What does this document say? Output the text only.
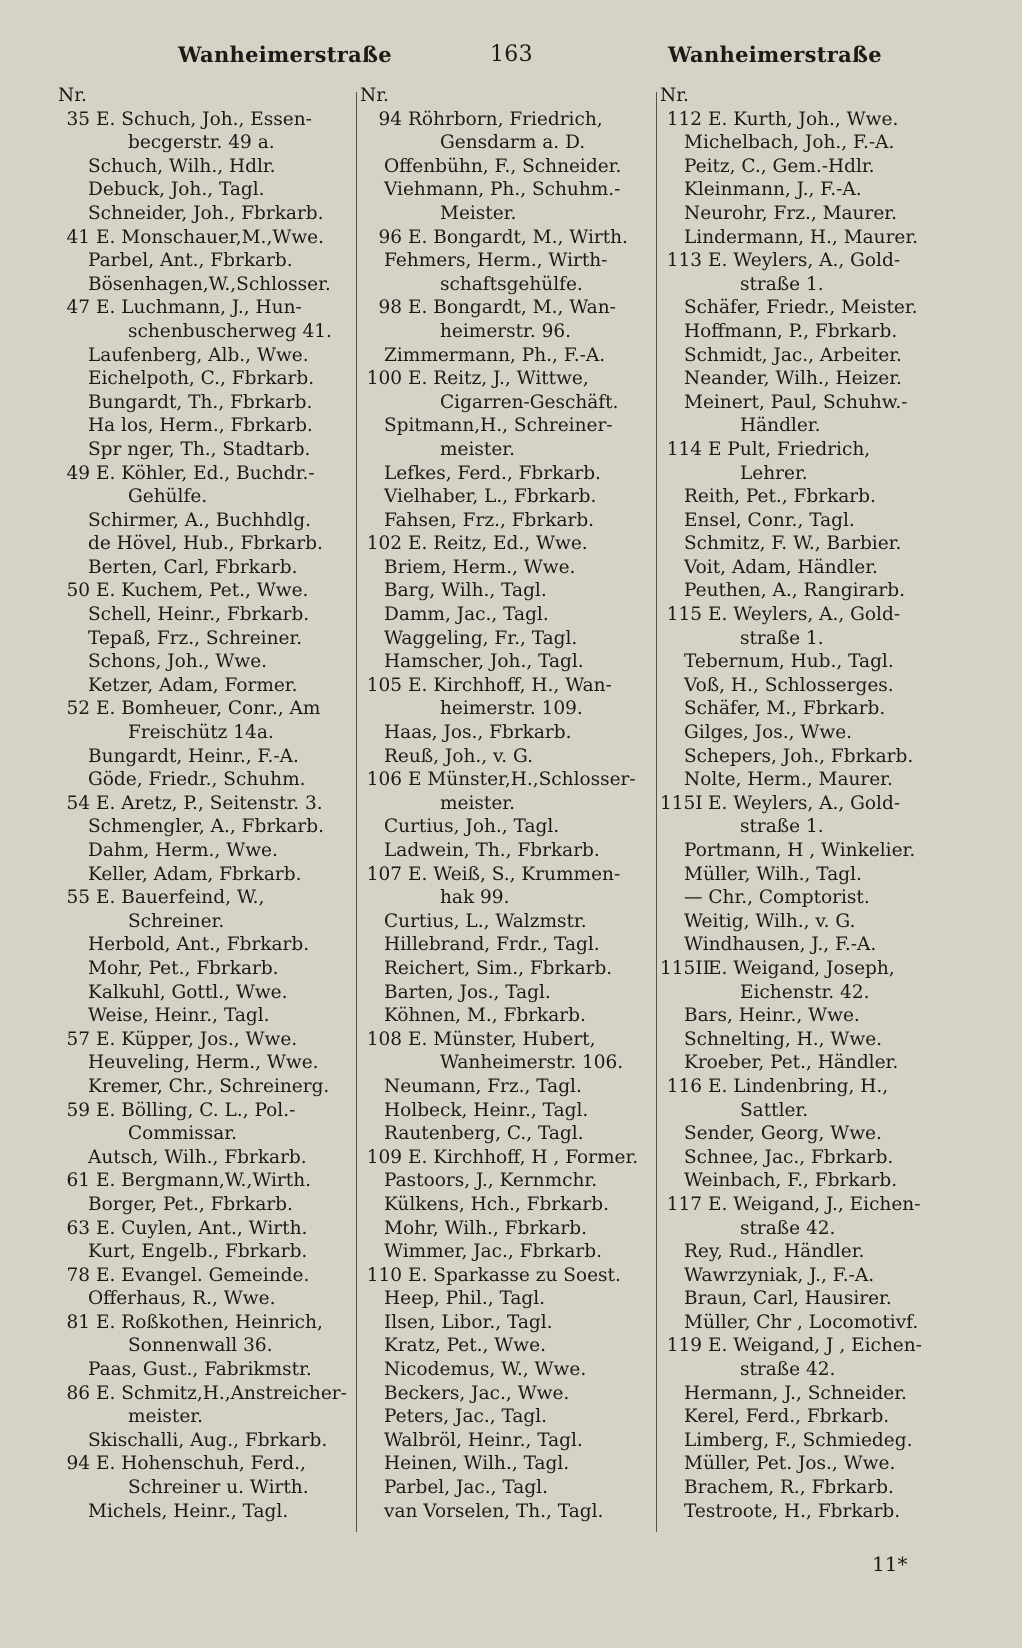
Wanheimerstraße	163	Wanheimerstraße
Nr.
35 E. Schuch, Joh., Essen-
becgerstr. 49 a.
Schuch, Wilh., Hdlr.
Debuck, Joh., Tagl.
Schneider, Joh., Fbrkarb.
41 E. Monschauer,M.,Wwe.
Parbel, Ant., Fbrkarb.
Bösenhagen,W.,Schlosser.
47 E. Luchmann, J., Hun-
schenbuscherweg 41.
Laufenberg, Alb., Wwe.
Eichelpoth, C., Fbrkarb.
Bungardt, Th., Fbrkarb.
Ha los, Herm., Fbrkarb.
Spr nger, Th., Stadtarb.
49 E. Köhler, Ed., Buchdr.-
Gehülfe.
Schirmer, A., Buchhdlg.
de Hövel, Hub., Fbrkarb.
Berten, Carl, Fbrkarb.
50 E. Kuchem, Pet., Wwe.
Schell, Heinr., Fbrkarb.
Tepaß, Frz., Schreiner.
Schons, Joh., Wwe.
Ketzer, Adam, Former.
52 E. Bomheuer, Conr., Am
Freischütz 14a.
Bungardt, Heinr., F.-A.
Göde, Friedr., Schuhm.
54 E. Aretz, P., Seitenstr. 3.
Schmengler, A., Fbrkarb.
Dahm, Herm., Wwe.
Keller, Adam, Fbrkarb.
55 E. Bauerfeind, W.,
Schreiner.
Herbold, Ant., Fbrkarb.
Mohr, Pet., Fbrkarb.
Kalkuhl, Gottl., Wwe.
Weise, Heinr., Tagl.
57 E. Küpper, Jos., Wwe.
Heuveling, Herm., Wwe.
Kremer, Chr., Schreinerg.
59 E. Bölling, C. L., Pol.-
Commissar.
Autsch, Wilh., Fbrkarb.
61 E. Bergmann,W.,Wirth.
Borger, Pet., Fbrkarb.
63 E. Cuylen, Ant., Wirth.
Kurt, Engelb., Fbrkarb.
78 E. Evangel. Gemeinde.
Offerhaus, R., Wwe.
81 E. Roßkothen, Heinrich,
Sonnenwall 36.
Paas, Gust., Fabrikmstr.
86 E. Schmitz,H.,Anstreicher-
meister.
Skischalli, Aug., Fbrkarb.
94 E. Hohenschuh, Ferd.,
Schreiner u. Wirth.
Michels, Heinr., Tagl.
Nr.
94 Röhrborn, Friedrich,
Gensdarm a. D.
Offenbühn, F., Schneider.
Viehmann, Ph., Schuhm.-
Meister.
96 E. Bongardt, M., Wirth.
Fehmers, Herm., Wirth-
schaftsgehülfe.
98 E. Bongardt, M., Wan-
heimerstr. 96.
Zimmermann, Ph., F.-A.
100 E. Reitz, J., Wittwe,
Cigarren-Geschäft.
Spitmann,H., Schreiner-
meister.
Lefkes, Ferd., Fbrkarb.
Vielhaber, L., Fbrkarb.
Fahsen, Frz., Fbrkarb.
102 E. Reitz, Ed., Wwe.
Briem, Herm., Wwe.
Barg, Wilh., Tagl.
Damm, Jac., Tagl.
Waggeling, Fr., Tagl.
Hamscher, Joh., Tagl.
105 E. Kirchhoff, H., Wan-
heimerstr. 109.
Haas, Jos., Fbrkarb.
Reuß, Joh., v. G.
106 E Münster,H.,Schlosser-
meister.
Curtius, Joh., Tagl.
Ladwein, Th., Fbrkarb.
107 E. Weiß, S., Krummen-
hak 99.
Curtius, L., Walzmstr.
Hillebrand, Frdr., Tagl.
Reichert, Sim., Fbrkarb.
Barten, Jos., Tagl.
Köhnen, M., Fbrkarb.
108 E. Münster, Hubert,
Wanheimerstr. 106.
Neumann, Frz., Tagl.
Holbeck, Heinr., Tagl.
Rautenberg, C., Tagl.
109 E. Kirchhoff, H , Former.
Pastoors, J., Kernmchr.
Külkens, Hch., Fbrkarb.
Mohr, Wilh., Fbrkarb.
Wimmer, Jac., Fbrkarb.
110 E. Sparkasse zu Soest.
Heep, Phil., Tagl.
Ilsen, Libor., Tagl.
Kratz, Pet., Wwe.
Nicodemus, W., Wwe.
Beckers, Jac., Wwe.
Peters, Jac., Tagl.
Walbröl, Heinr., Tagl.
Heinen, Wilh., Tagl.
Parbel, Jac., Tagl.
van Vorselen, Th., Tagl.
Nr.
112 E. Kurth, Joh., Wwe.
Michelbach, Joh., F.-A.
Peitz, C., Gem.-Hdlr.
Kleinmann, J., F.-A.
Neurohr, Frz., Maurer.
Lindermann, H., Maurer.
113 E. Weylers, A., Gold-
straße 1.
Schäfer, Friedr., Meister.
Hoffmann, P., Fbrkarb.
Schmidt, Jac., Arbeiter.
Neander, Wilh., Heizer.
Meinert, Paul, Schuhw.-
Händler.
114 E Pult, Friedrich,
Lehrer.
Reith, Pet., Fbrkarb.
Ensel, Conr., Tagl.
Schmitz, F. W., Barbier.
Voit, Adam, Händler.
Peuthen, A., Rangirarb.
115 E. Weylers, A., Gold-
straße 1.
Tebernum, Hub., Tagl.
Voß, H., Schlosserges.
Schäfer, M., Fbrkarb.
Gilges, Jos., Wwe.
Schepers, Joh., Fbrkarb.
Nolte, Herm., Maurer.
115I E. Weylers, A., Gold-
straße 1.
Portmann, H , Winkelier.
Müller, Wilh., Tagl.
— Chr., Comptorist.
Weitig, Wilh., v. G.
Windhausen, J., F.-A.
115II
E. Weigand, Joseph,
Eichenstr. 42.
Bars, Heinr., Wwe.
Schnelting, H., Wwe.
Kroeber, Pet., Händler.
116 E. Lindenbring, H.,
Sattler.
Sender, Georg, Wwe.
Schnee, Jac., Fbrkarb.
Weinbach, F., Fbrkarb.
117 E. Weigand, J., Eichen-
straße 42.
Rey, Rud., Händler.
Wawrzyniak, J., F.-A.
Braun, Carl, Hausirer.
Müller, Chr , Locomotivf.
119 E. Weigand, J , Eichen-
straße 42.
Hermann, J., Schneider.
Kerel, Ferd., Fbrkarb.
Limberg, F., Schmiedeg.
Müller, Pet. Jos., Wwe.
Brachem, R., Fbrkarb.
Testroote, H., Fbrkarb.
11*
